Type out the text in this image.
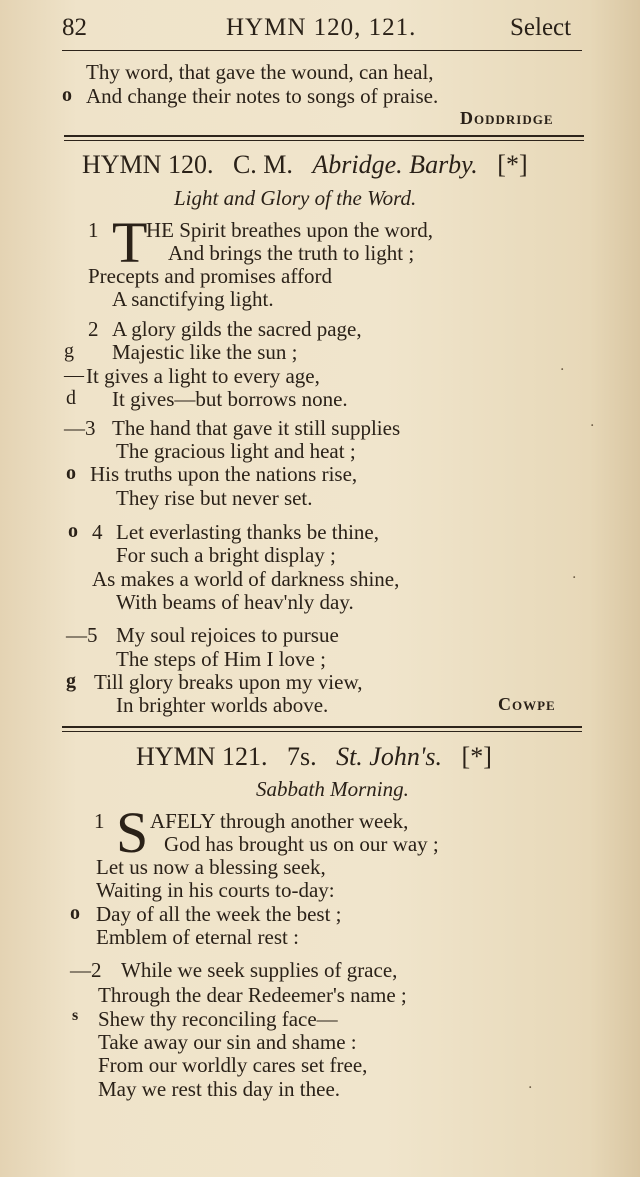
82	HYMN 120, 121.	Select
Thy word, that gave the wound, can heal,
o And change their notes to songs of praise.
Doddridge
HYMN 120. C. M. Abridge. Barby. [*]
Light and Glory of the Word.
1 T
HE Spirit breathes upon the word,
And brings the truth to light ;
Precepts and promises afford
A sanctifying light.
2 A glory gilds the sacred page,
g Majestic like the sun ;
— It gives a light to every age,
d It gives—but borrows none.
—3 The hand that gave it still supplies
The gracious light and heat ;
o His truths upon the nations rise,
They rise but never set.
o 4 Let everlasting thanks be thine,
For such a bright display ;
As makes a world of darkness shine,
With beams of heav'nly day.
—5 My soul rejoices to pursue
The steps of Him I love ;
g Till glory breaks upon my view,
In brighter worlds above.	Cowpe
HYMN 121. 7s. St. John's. [*]
Sabbath Morning.
1 S AFELY through another week,
God has brought us on our way ;
Let us now a blessing seek,
Waiting in his courts to-day:
o Day of all the week the best ;
Emblem of eternal rest :
—2 While we seek supplies of grace,
Through the dear Redeemer's name ;
s Shew thy reconciling face—
Take away our sin and shame :
From our worldly cares set free,
May we rest this day in thee.
·
·
·
·
